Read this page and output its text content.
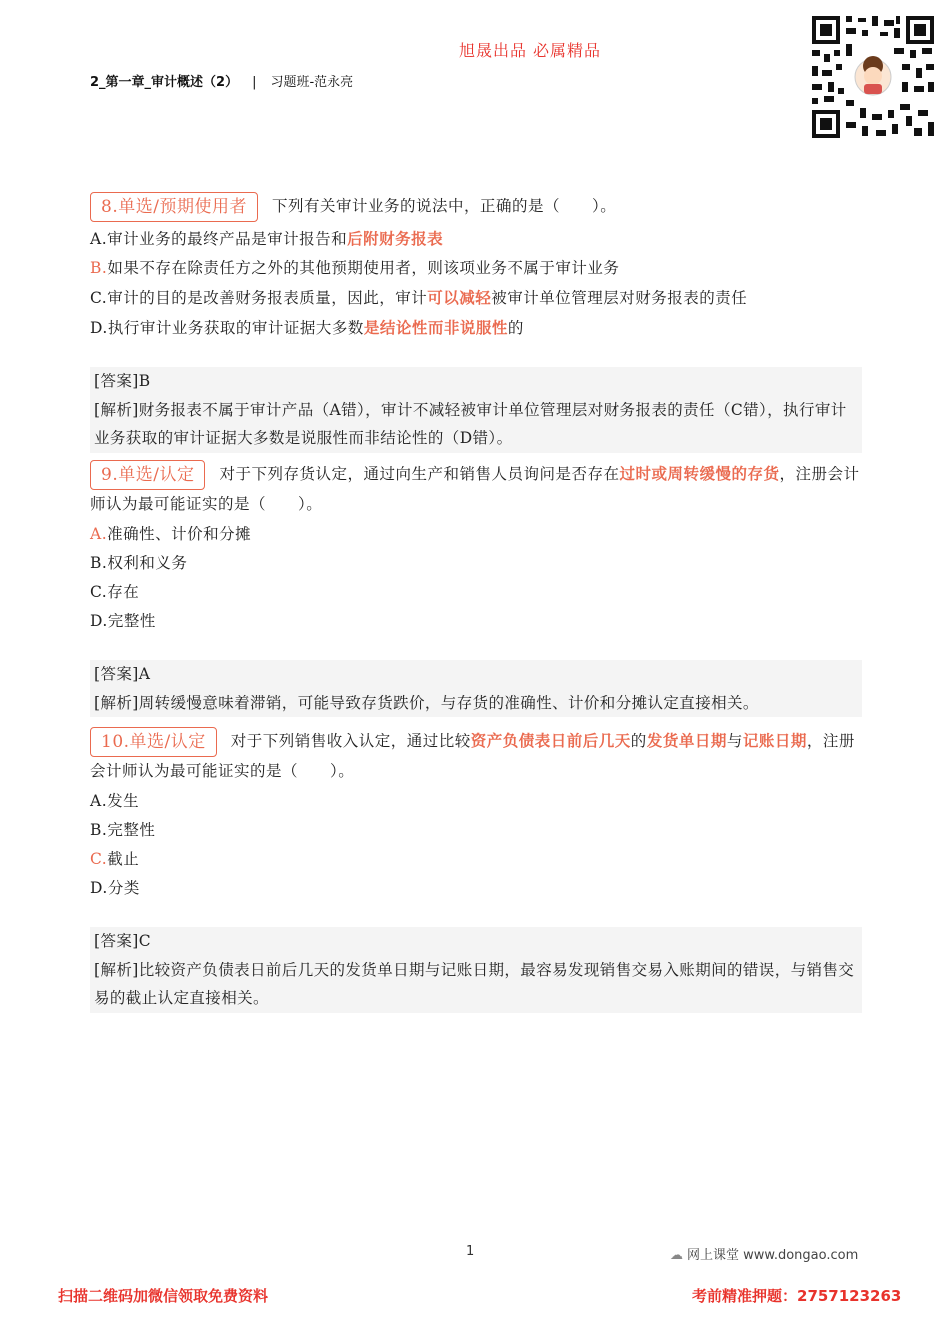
旭晟出品 必属精品
2_第一章_审计概述（2） | 习题班-范永亮
8.单选/预期使用者 下列有关审计业务的说法中，正确的是（　　）。
A.审计业务的最终产品是审计报告和后附财务报表
B.如果不存在除责任方之外的其他预期使用者，则该项业务不属于审计业务
C.审计的目的是改善财务报表质量，因此，审计可以减轻被审计单位管理层对财务报表的责任
D.执行审计业务获取的审计证据大多数是结论性而非说服性的
[答案]B
[解析]财务报表不属于审计产品（A错），审计不减轻被审计单位管理层对财务报表的责任（C错），执行审计业务获取的审计证据大多数是说服性而非结论性的（D错）。
9.单选/认定 对于下列存货认定，通过向生产和销售人员询问是否存在过时或周转缓慢的存货，注册会计师认为最可能证实的是（　　）。
A.准确性、计价和分摊
B.权利和义务
C.存在
D.完整性
[答案]A
[解析]周转缓慢意味着滞销，可能导致存货跌价，与存货的准确性、计价和分摊认定直接相关。
10.单选/认定 对于下列销售收入认定，通过比较资产负债表日前后几天的发货单日期与记账日期，注册会计师认为最可能证实的是（　　）。
A.发生
B.完整性
C.截止
D.分类
[答案]C
[解析]比较资产负债表日前后几天的发货单日期与记账日期，最容易发现销售交易入账期间的错误，与销售交易的截止认定直接相关。
1	☁ 网上课堂 www.dongao.com
扫描二维码加微信领取免费资料	考前精准押题：2757123263
